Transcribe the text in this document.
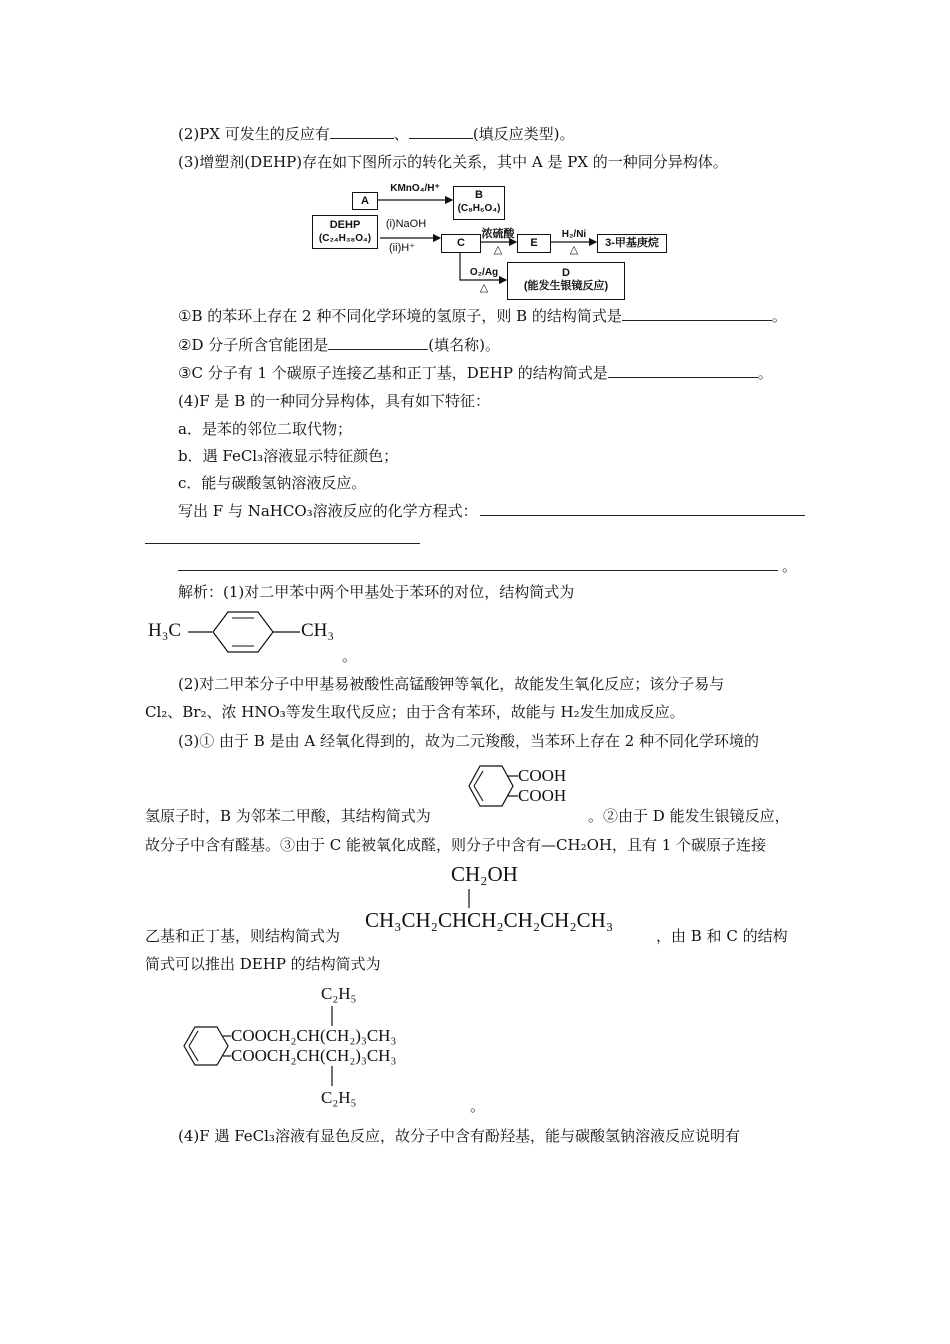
(2)PX 可发生的反应有	、	(填反应类型)。
(3)增塑剂(DEHP)存在如下图所示的转化关系，其中 A 是 PX 的一种同分异构体。
A	B
(C₈H₆O₄)
DEHP
(C₂₄H₃₈O₄)	C	E	3-甲基庚烷
D
(能发生银镜反应)
KMnO₄/H⁺
(i)NaOH
(ii)H⁺
浓硫酸
△
H₂/Ni
△
O₂/Ag
△
①B 的苯环上存在 2 种不同化学环境的氢原子，则 B 的结构简式是	。
②D 分子所含官能团是	(填名称)。
③C 分子有 1 个碳原子连接乙基和正丁基，DEHP 的结构简式是	。
(4)F 是 B 的一种同分异构体，具有如下特征：
a．是苯的邻位二取代物；
b．遇 FeCl₃溶液显示特征颜色；
c．能与碳酸氢钠溶液反应。
写出 F 与 NaHCO₃溶液反应的化学方程式：
。
解析：(1)对二甲苯中两个甲基处于苯环的对位，结构简式为
H₃C	CH₃
。
(2)对二甲苯分子中甲基易被酸性高锰酸钾等氧化，故能发生氧化反应；该分子易与
Cl₂、Br₂、浓 HNO₃等发生取代反应；由于含有苯环，故能与 H₂发生加成反应。
(3)① 由于 B 是由 A 经氧化得到的，故为二元羧酸，当苯环上存在 2 种不同化学环境的
COOH
COOH
氢原子时，B 为邻苯二甲酸，其结构简式为	。②由于 D 能发生银镜反应，
故分子中含有醛基。③由于 C 能被氧化成醛，则分子中含有—CH₂OH，且有 1 个碳原子连接
CH₂OH
CH₃CH₂CHCH₂CH₂CH₂CH₃
乙基和正丁基，则结构简式为	，由 B 和 C 的结构
简式可以推出 DEHP 的结构简式为
C₂H₅
COOCH₂CH(CH₂)₃CH₃
COOCH₂CH(CH₂)₃CH₃
C₂H₅	。
(4)F 遇 FeCl₃溶液有显色反应，故分子中含有酚羟基，能与碳酸氢钠溶液反应说明有
